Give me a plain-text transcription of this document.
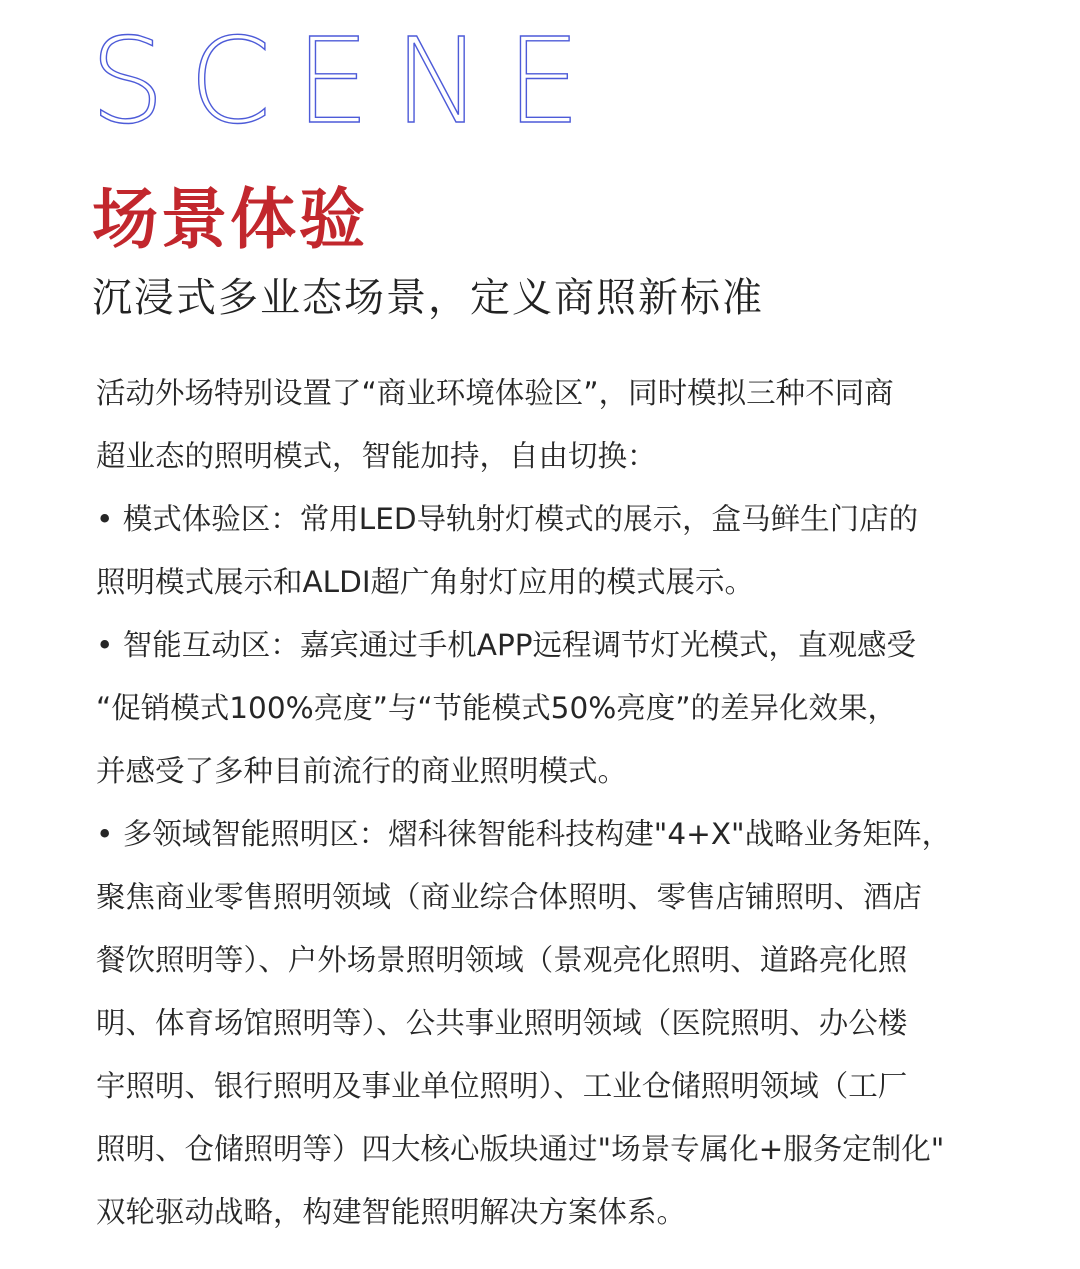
SCENE
场景体验
沉浸式多业态场景，定义商照新标准
活动外场特别设置了“商业环境体验区”，同时模拟三种不同商
超业态的照明模式，智能加持，自由切换：
• 模式体验区：常用LED导轨射灯模式的展示，盒马鲜生门店的
照明模式展示和ALDI超广角射灯应用的模式展示。
• 智能互动区：嘉宾通过手机APP远程调节灯光模式，直观感受
“促销模式100%亮度”与“节能模式50%亮度”的差异化效果，
并感受了多种目前流行的商业照明模式。
• 多领域智能照明区：熠科徕智能科技构建"4+X"战略业务矩阵，
聚焦商业零售照明领域（商业综合体照明、零售店铺照明、酒店
餐饮照明等）、户外场景照明领域（景观亮化照明、道路亮化照
明、体育场馆照明等）、公共事业照明领域（医院照明、办公楼
宇照明、银行照明及事业单位照明）、工业仓储照明领域（工厂
照明、仓储照明等）四大核心版块通过"场景专属化+服务定制化"
双轮驱动战略，构建智能照明解决方案体系。
